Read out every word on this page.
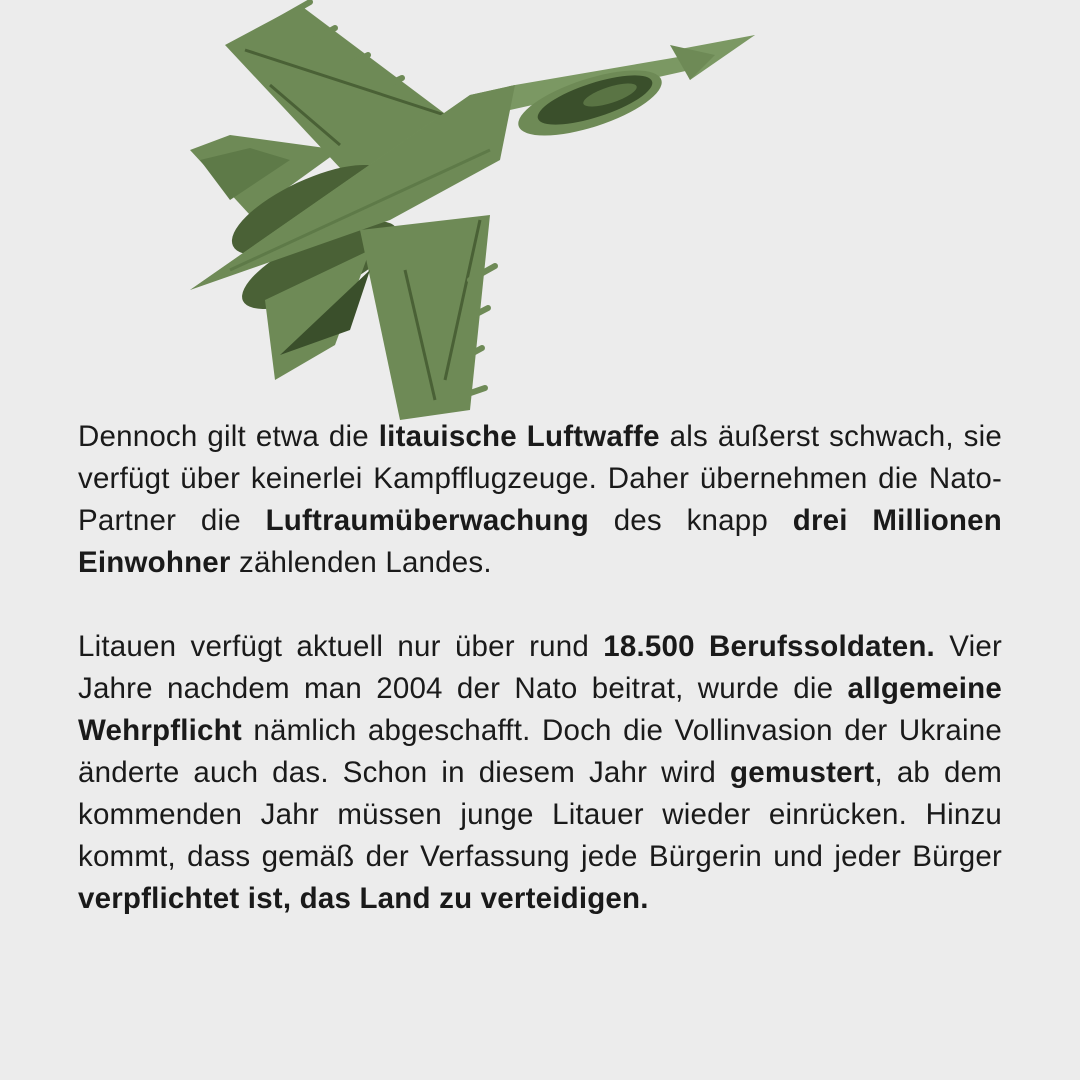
Dennoch gilt etwa die litauische Luftwaffe als äußerst schwach, sie verfügt über keinerlei Kampfflugzeuge. Daher übernehmen die Nato-Partner die Luftraumüberwachung des knapp drei Millionen Einwohner zählenden Landes.

Litauen verfügt aktuell nur über rund 18.500 Berufssoldaten. Vier Jahre nachdem man 2004 der Nato beitrat, wurde die allgemeine Wehrpflicht nämlich abgeschafft. Doch die Vollinvasion der Ukraine änderte auch das. Schon in diesem Jahr wird gemustert, ab dem kommenden Jahr müssen junge Litauer wieder einrücken. Hinzu kommt, dass gemäß der Verfassung jede Bürgerin und jeder Bürger verpflichtet ist, das Land zu verteidigen.
